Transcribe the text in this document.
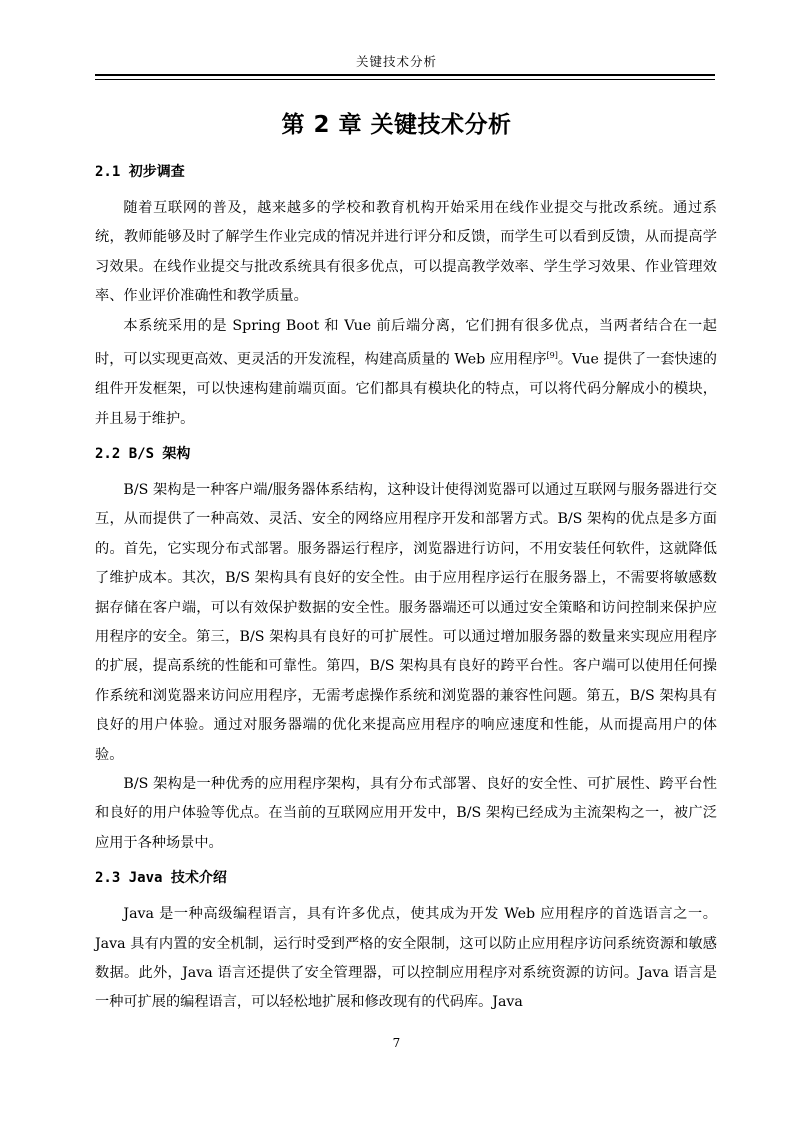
关键技术分析
第 2 章 关键技术分析
2.1 初步调查

随着互联网的普及，越来越多的学校和教育机构开始采用在线作业提交与批改系统。通过系统，教师能够及时了解学生作业完成的情况并进行评分和反馈，而学生可以看到反馈，从而提高学习效果。在线作业提交与批改系统具有很多优点，可以提高教学效率、学生学习效果、作业管理效率、作业评价准确性和教学质量。

本系统采用的是 Spring Boot 和 Vue 前后端分离，它们拥有很多优点，当两者结合在一起时，可以实现更高效、更灵活的开发流程，构建高质量的 Web 应用程序[9]。Vue 提供了一套快速的组件开发框架，可以快速构建前端页面。它们都具有模块化的特点，可以将代码分解成小的模块，并且易于维护。

2.2 B/S 架构

B/S 架构是一种客户端/服务器体系结构，这种设计使得浏览器可以通过互联网与服务器进行交互，从而提供了一种高效、灵活、安全的网络应用程序开发和部署方式。B/S 架构的优点是多方面的。首先，它实现分布式部署。服务器运行程序，浏览器进行访问，不用安装任何软件，这就降低了维护成本。其次，B/S 架构具有良好的安全性。由于应用程序运行在服务器上，不需要将敏感数据存储在客户端，可以有效保护数据的安全性。服务器端还可以通过安全策略和访问控制来保护应用程序的安全。第三，B/S 架构具有良好的可扩展性。可以通过增加服务器的数量来实现应用程序的扩展，提高系统的性能和可靠性。第四，B/S 架构具有良好的跨平台性。客户端可以使用任何操作系统和浏览器来访问应用程序，无需考虑操作系统和浏览器的兼容性问题。第五，B/S 架构具有良好的用户体验。通过对服务器端的优化来提高应用程序的响应速度和性能，从而提高用户的体验。

B/S 架构是一种优秀的应用程序架构，具有分布式部署、良好的安全性、可扩展性、跨平台性和良好的用户体验等优点。在当前的互联网应用开发中，B/S 架构已经成为主流架构之一，被广泛应用于各种场景中。

2.3 Java 技术介绍

Java 是一种高级编程语言，具有许多优点，使其成为开发 Web 应用程序的首选语言之一。Java 具有内置的安全机制，运行时受到严格的安全限制，这可以防止应用程序访问系统资源和敏感数据。此外，Java 语言还提供了安全管理器，可以控制应用程序对系统资源的访问。Java 语言是一种可扩展的编程语言，可以轻松地扩展和修改现有的代码库。Java

7
